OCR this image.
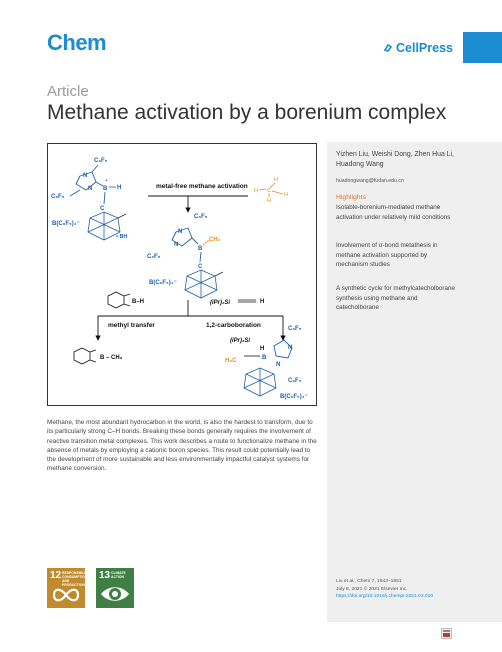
Chem	CellPress
Article
Methane activation by a borenium complex
Yizhen Liu, Weishi Dong, Zhen Hua Li, Huadong Wang
huadongwang@fudan.edu.cn
Highlights
Isolable-borenium-mediated methane activation under relatively mild conditions
Involvement of σ-bond metathesis in methane activation supported by mechanism studies
A synthetic cycle for methylcatecholborane synthesis using methane and catecholborane
Liu et al., Chem 7, 1843–1851
July 8, 2021 © 2021 Elsevier Inc.
https://doi.org/10.1016/j.chempr.2021.03.010
C₆F₅
N
N B
+
H
C₆F₅
C
B(C₆F₅)₄⁻
• BH
H
H
H
H
C
metal-free methane activation
C₆F₅
N
N
B
CH₃
C₆F₅
C
B(C₆F₅)₄⁻
B–H	(iPr)₃Si	H
methyl transfer	1,2-carboboration
B – CH₃
(iPr)₃Si
H
H₃C	B
C₆F₅
N
N
C₆F₅
B(C₆F₅)₄⁻
Methane, the most abundant hydrocarbon in the world, is also the hardest to transform, due to its particularly strong C–H bonds. Breaking these bonds generally requires the involvement of reactive transition metal complexes. This work describes a route to functionalize methane in the absence of metals by employing a cationic boron species. This result could potentially lead to the development of more sustainable and less environmentally impactful catalyst systems for methane conversion.
12 RESPONSIBLE CONSUMPTION AND PRODUCTION
13 CLIMATE ACTION
